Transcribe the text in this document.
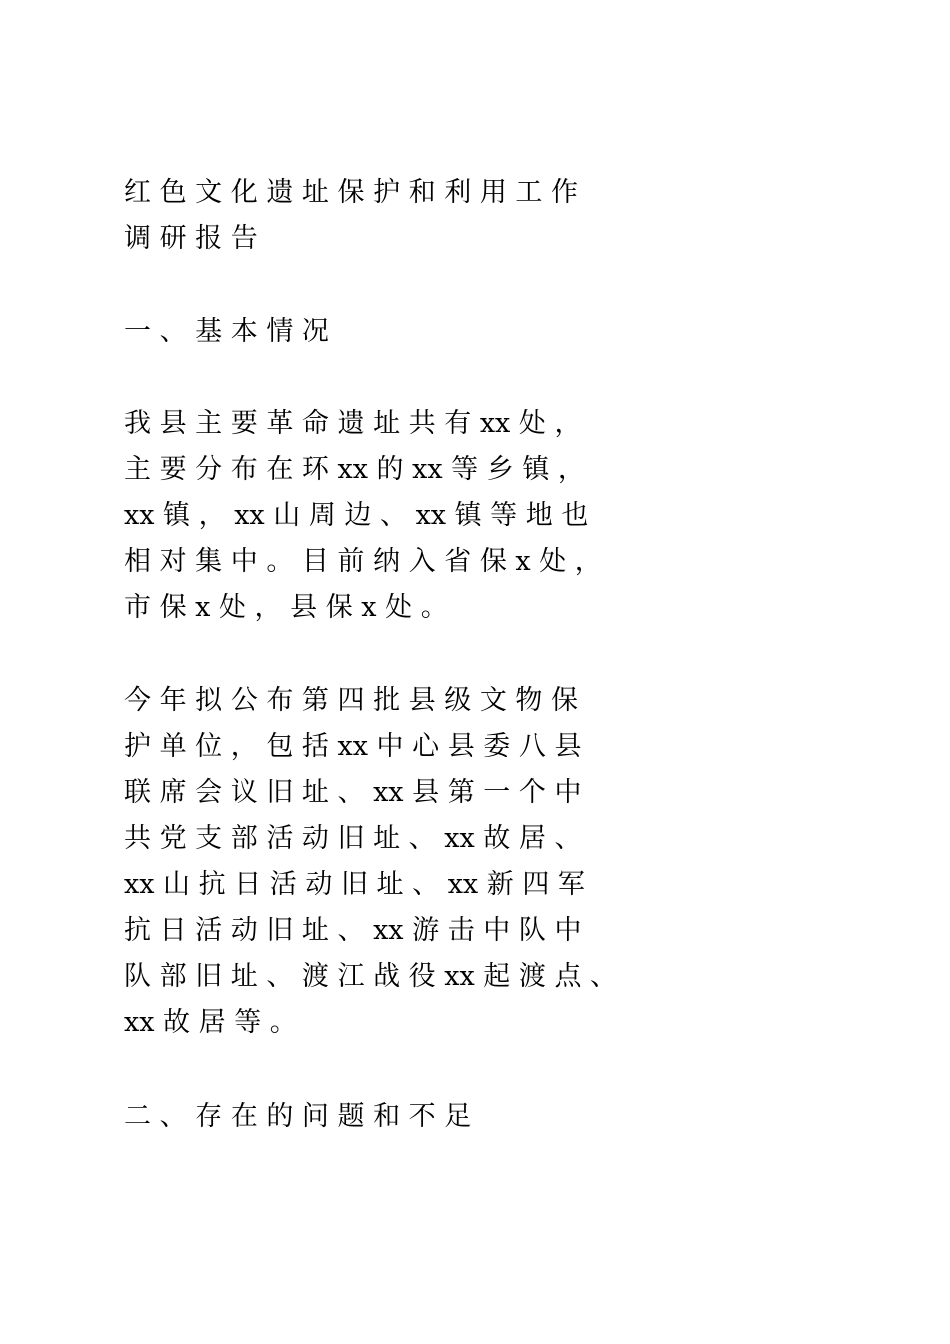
红 色 文 化 遗 址 保 护 和 利 用 工 作
调 研 报 告
一 、 基 本 情 况
我 县 主 要 革 命 遗 址 共 有 xx 处 ，
主 要 分 布 在 环 xx 的 xx 等 乡 镇 ，
xx 镇 ， xx 山 周 边 、 xx 镇 等 地 也
相 对 集 中 。 目 前 纳 入 省 保 x 处 ，
市 保 x 处 ， 县 保 x 处 。
今 年 拟 公 布 第 四 批 县 级 文 物 保
护 单 位 ， 包 括 xx 中 心 县 委 八 县
联 席 会 议 旧 址 、 xx 县 第 一 个 中
共 党 支 部 活 动 旧 址 、 xx 故 居 、
xx 山 抗 日 活 动 旧 址 、 xx 新 四 军
抗 日 活 动 旧 址 、 xx 游 击 中 队 中
队 部 旧 址 、 渡 江 战 役 xx 起 渡 点 、
xx 故 居 等 。
二 、 存 在 的 问 题 和 不 足
